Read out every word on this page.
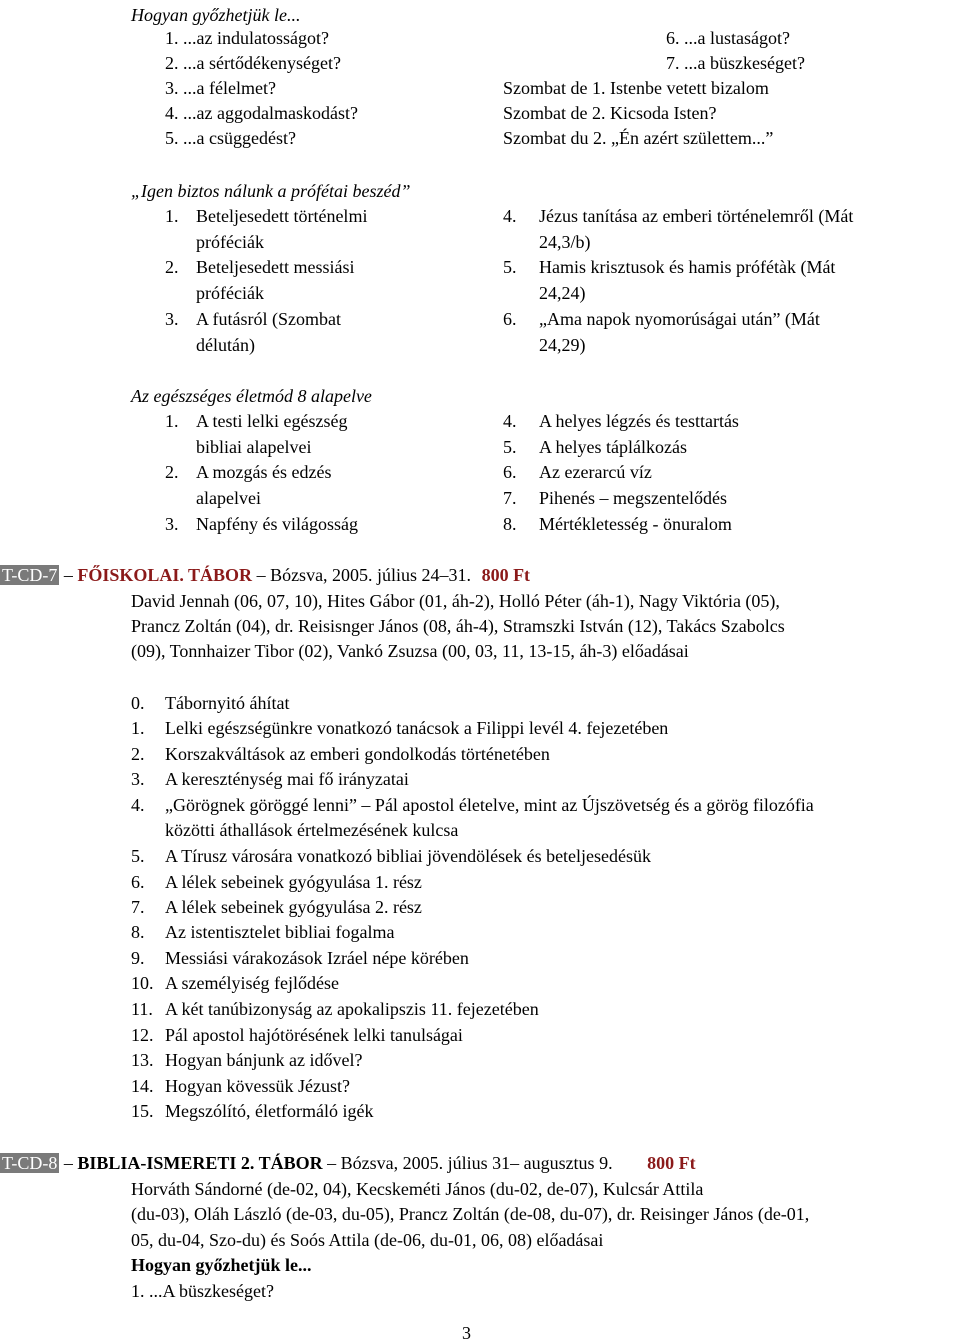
Hogyan győzhetjük le...
1. ...az indulatosságot?
2. ...a sértődékenységet?
3. ...a félelmet?
4. ...az aggodalmaskodást?
5. ...a csüggedést?
6. ...a lustaságot?
7. ...a büszkeséget?
Szombat de 1. Istenbe vetett bizalom
Szombat de 2. Kicsoda Isten?
Szombat du 2. „Én azért születtem...”
„Igen biztos nálunk a prófétai beszéd”
1. Beteljesedett történelmi
próféciák
2. Beteljesedett messiási
próféciák
3. A futásról (Szombat
délután)
4. Jézus tanítása az emberi történelemről (Mát
24,3/b)
5. Hamis krisztusok és hamis prófétàk (Mát
24,24)
6. „Ama napok nyomorúságai után” (Mát
24,29)
Az egészséges életmód 8 alapelve
1. A testi lelki egészség
bibliai alapelvei
2. A mozgás és edzés
alapelvei
3. Napfény és világosság
4. A helyes légzés és testtartás
5. A helyes táplálkozás
6. Az ezerarcú víz
7. Pihenés – megszentelődés
8. Mértékletesség - önuralom
T-CD-7 – FŐISKOLAI. TÁBOR – Bózsva, 2005. július 24–31. 800 Ft
David Jennah (06, 07, 10), Hites Gábor (01, áh-2), Holló Péter (áh-1), Nagy Viktória (05),
Prancz Zoltán (04), dr. Reisisnger János (08, áh-4), Stramszki István (12), Takács Szabolcs
(09), Tonnhaizer Tibor (02), Vankó Zsuzsa (00, 03, 11, 13-15, áh-3) előadásai
0. Tábornyitó áhítat
1. Lelki egészségünkre vonatkozó tanácsok a Filippi levél 4. fejezetében
2. Korszakváltások az emberi gondolkodás történetében
3. A kereszténység mai fő irányzatai
4. „Görögnek göröggé lenni” – Pál apostol életelve, mint az Újszövetség és a görög filozófia
közötti áthallások értelmezésének kulcsa
5. A Tírusz városára vonatkozó bibliai jövendölések és beteljesedésük
6. A lélek sebeinek gyógyulása 1. rész
7. A lélek sebeinek gyógyulása 2. rész
8. Az istentisztelet bibliai fogalma
9. Messiási várakozások Izráel népe körében
10. A személyiség fejlődése
11. A két tanúbizonyság az apokalipszis 11. fejezetében
12. Pál apostol hajótörésének lelki tanulságai
13. Hogyan bánjunk az idővel?
14. Hogyan kövessük Jézust?
15. Megszólító, életformáló igék
T-CD-8 – BIBLIA-ISMERETI 2. TÁBOR – Bózsva, 2005. július 31– augusztus 9. 800 Ft
Horváth Sándorné (de-02, 04), Kecskeméti János (du-02, de-07), Kulcsár Attila
(du-03), Oláh László (de-03, du-05), Prancz Zoltán (de-08, du-07), dr. Reisinger János (de-01,
05, du-04, Szo-du) és Soós Attila (de-06, du-01, 06, 08) előadásai
Hogyan győzhetjük le...
1. ...A büszkeséget?
3
